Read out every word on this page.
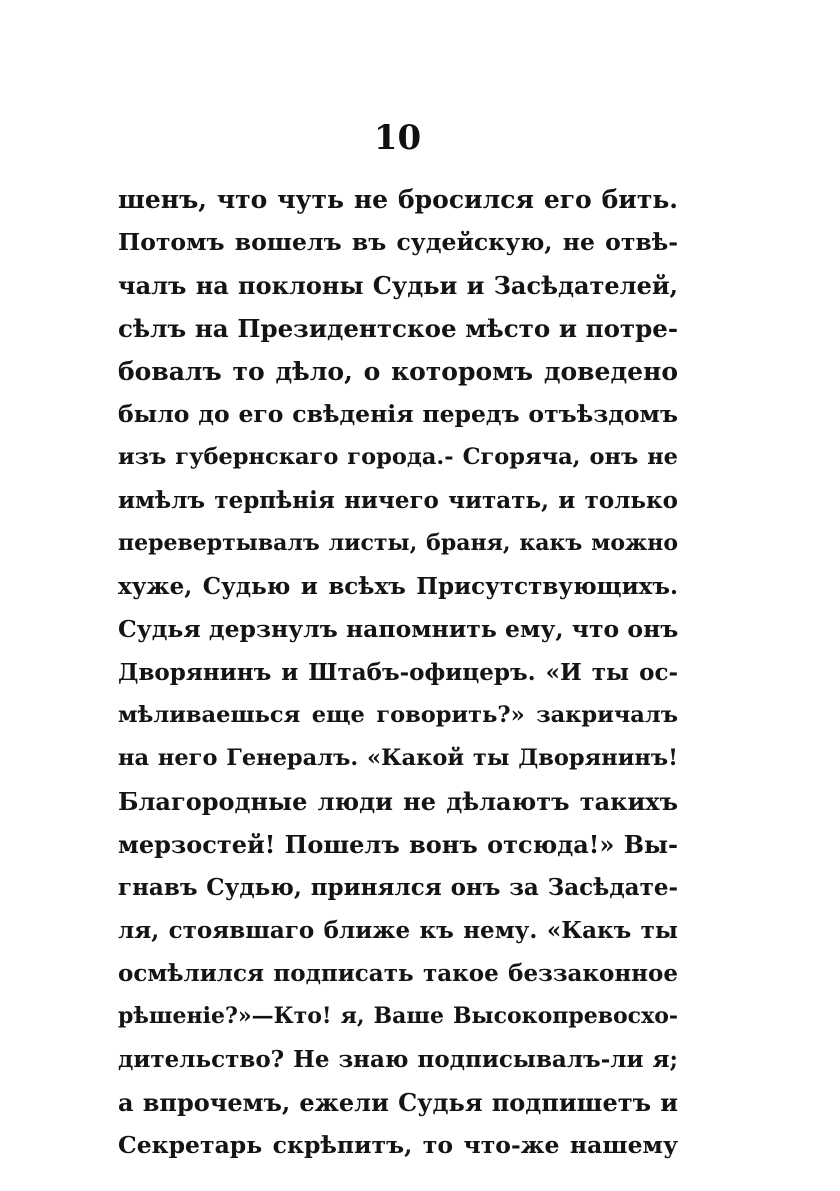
10
шенъ, что чуть не бросился его бить.
Потомъ вошелъ въ судейскую, не отвѣ-
чалъ на поклоны Судьи и Засѣдателей,
сѣлъ на Президентское мѣсто и потре-
бовалъ то дѣло, о которомъ доведено
было до его свѣденія передъ отъѣздомъ
изъ губернскаго города.- Сгоряча, онъ не
имѣлъ терпѣнія ничего читать, и только
перевертывалъ листы, браня, какъ можно
хуже, Судью и всѣхъ Присутствующихъ.
Судья дерзнулъ напомнить ему, что онъ
Дворянинъ и Штабъ-офицеръ. «И ты ос-
мѣливаешься еще говорить?» закричалъ
на него Генералъ. «Какой ты Дворянинъ!
Благородные люди не дѣлаютъ такихъ
мерзостей! Пошелъ вонъ отсюда!» Вы-
гнавъ Судью, принялся онъ за Засѣдате-
ля, стоявшаго ближе къ нему. «Какъ ты
осмѣлился подписать такое беззаконное
рѣшеніе?»—Кто! я, Ваше Высокопревосхо-
дительство? Не знаю подписывалъ-ли я;
а впрочемъ, ежели Судья подпишетъ и
Секретарь скрѣпитъ, то что-же нашему
